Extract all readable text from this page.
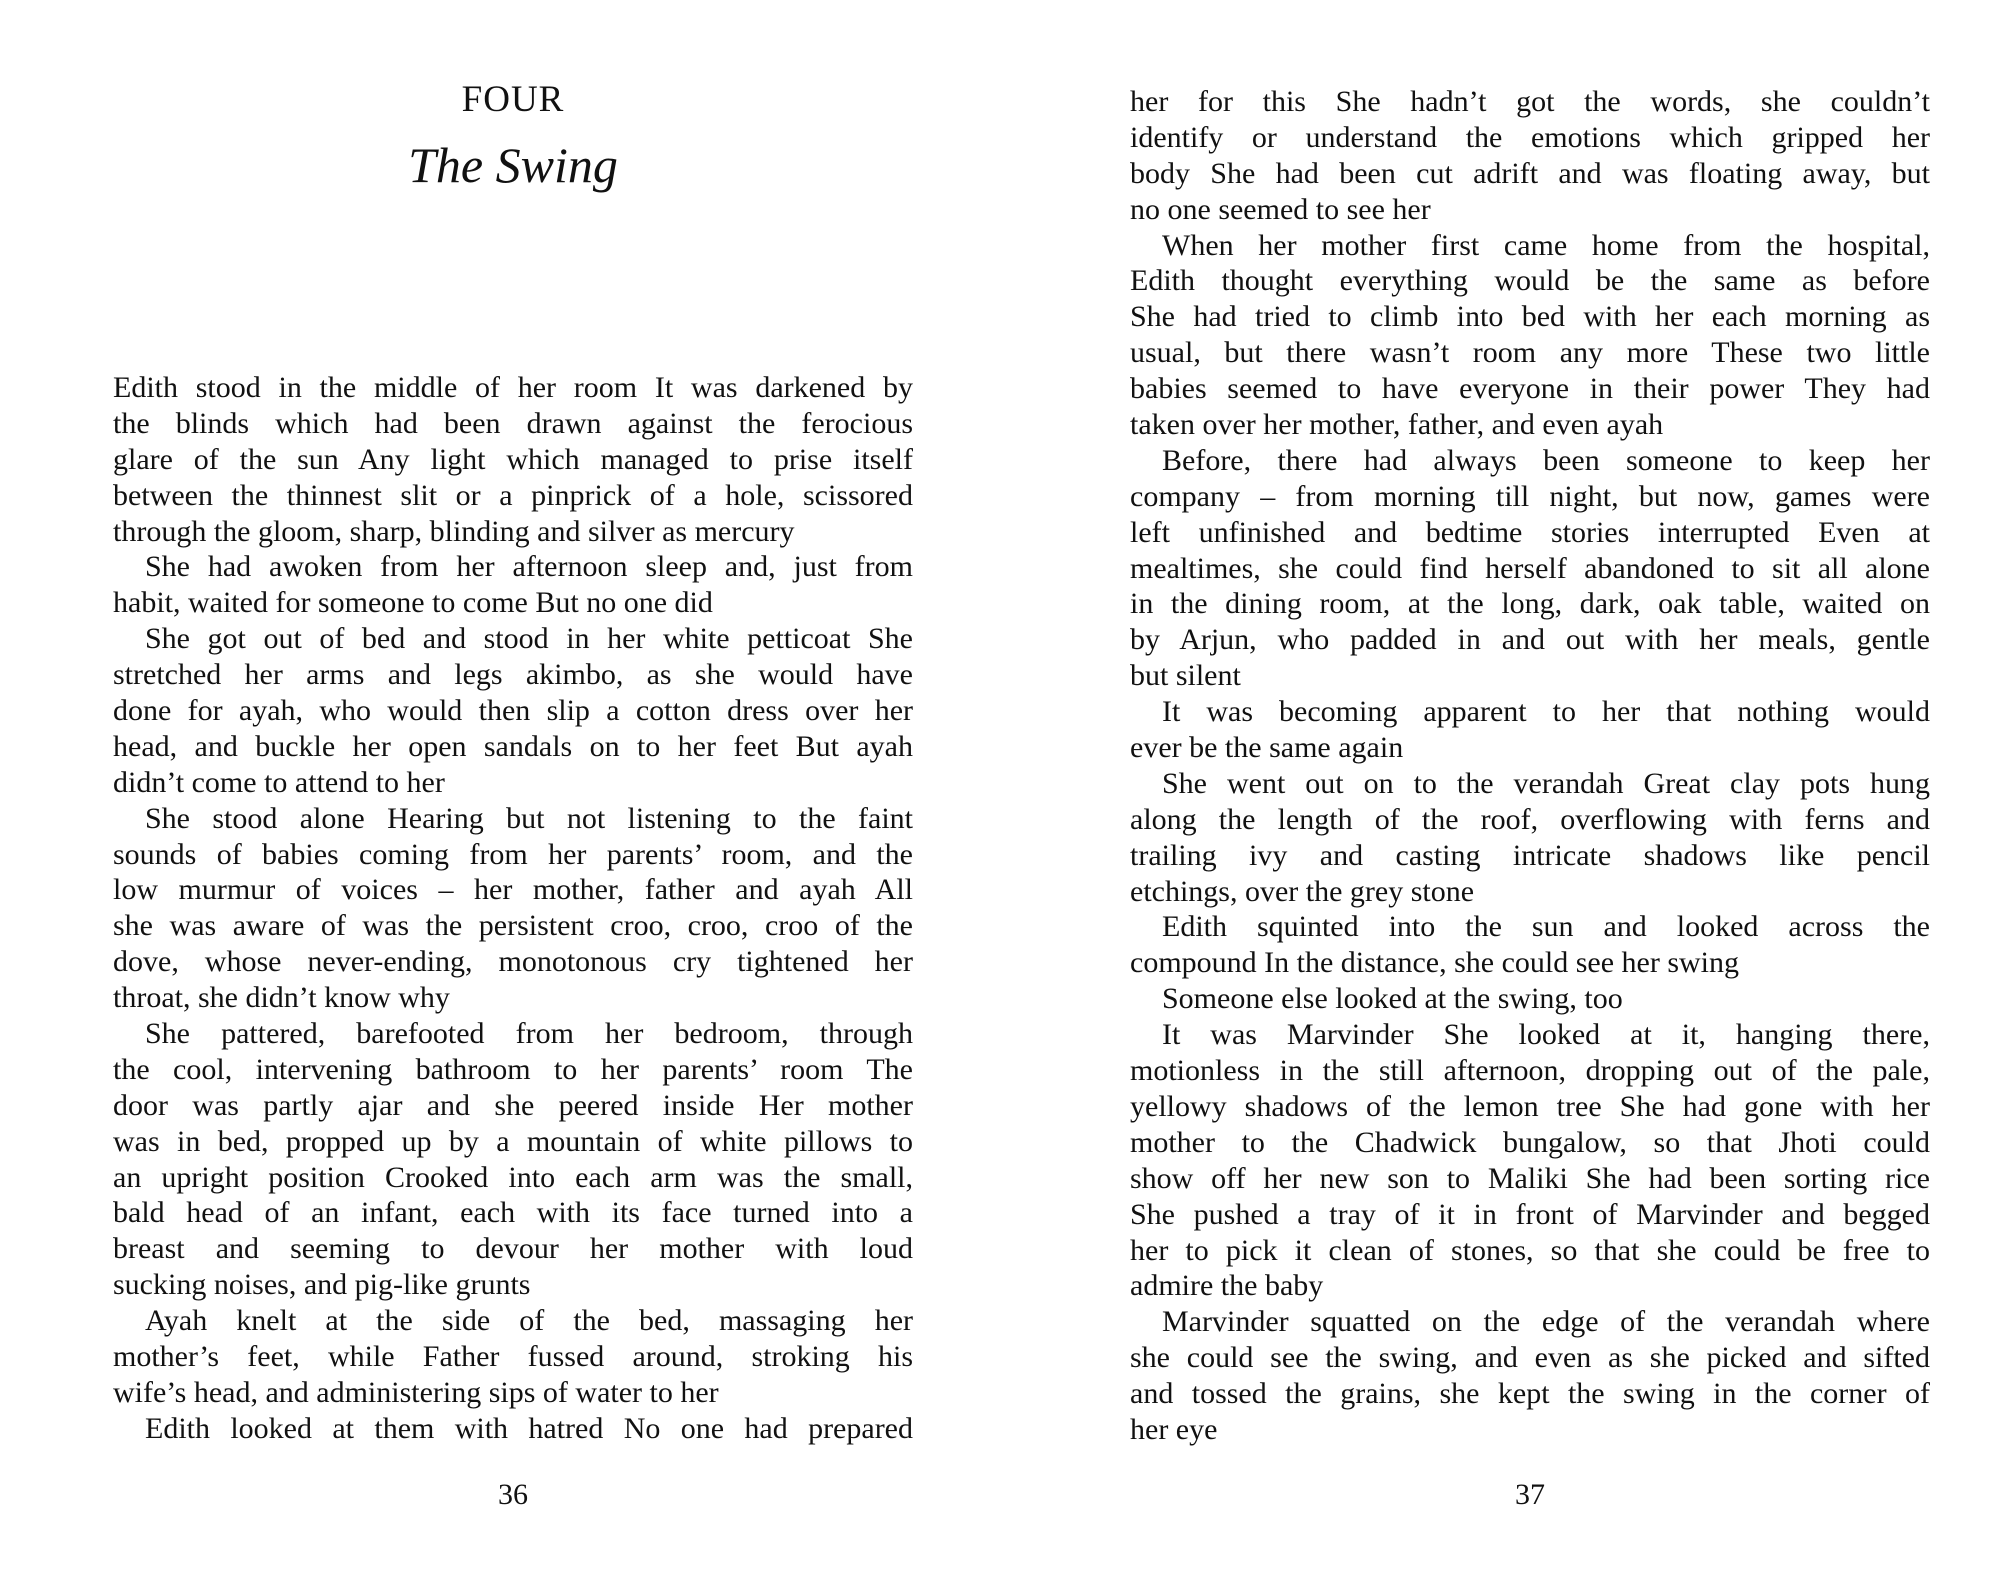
FOUR
The Swing
Edith stood in the middle of her room It was darkened by
the blinds which had been drawn against the ferocious
glare of the sun Any light which managed to prise itself
between the thinnest slit or a pinprick of a hole, scissored
through the gloom, sharp, blinding and silver as mercury
She had awoken from her afternoon sleep and, just from
habit, waited for someone to come But no one did
She got out of bed and stood in her white petticoat She
stretched her arms and legs akimbo, as she would have
done for ayah, who would then slip a cotton dress over her
head, and buckle her open sandals on to her feet But ayah
didn’t come to attend to her
She stood alone Hearing but not listening to the faint
sounds of babies coming from her parents’ room, and the
low murmur of voices – her mother, father and ayah All
she was aware of was the persistent croo, croo, croo of the
dove, whose never-ending, monotonous cry tightened her
throat, she didn’t know why
She pattered, barefooted from her bedroom, through
the cool, intervening bathroom to her parents’ room The
door was partly ajar and she peered inside Her mother
was in bed, propped up by a mountain of white pillows to
an upright position Crooked into each arm was the small,
bald head of an infant, each with its face turned into a
breast and seeming to devour her mother with loud
sucking noises, and pig-like grunts
Ayah knelt at the side of the bed, massaging her
mother’s feet, while Father fussed around, stroking his
wife’s head, and administering sips of water to her
Edith looked at them with hatred No one had prepared
36
her for this She hadn’t got the words, she couldn’t
identify or understand the emotions which gripped her
body She had been cut adrift and was floating away, but
no one seemed to see her
When her mother first came home from the hospital,
Edith thought everything would be the same as before
She had tried to climb into bed with her each morning as
usual, but there wasn’t room any more These two little
babies seemed to have everyone in their power They had
taken over her mother, father, and even ayah
Before, there had always been someone to keep her
company – from morning till night, but now, games were
left unfinished and bedtime stories interrupted Even at
mealtimes, she could find herself abandoned to sit all alone
in the dining room, at the long, dark, oak table, waited on
by Arjun, who padded in and out with her meals, gentle
but silent
It was becoming apparent to her that nothing would
ever be the same again
She went out on to the verandah Great clay pots hung
along the length of the roof, overflowing with ferns and
trailing ivy and casting intricate shadows like pencil
etchings, over the grey stone
Edith squinted into the sun and looked across the
compound In the distance, she could see her swing
Someone else looked at the swing, too
It was Marvinder She looked at it, hanging there,
motionless in the still afternoon, dropping out of the pale,
yellowy shadows of the lemon tree She had gone with her
mother to the Chadwick bungalow, so that Jhoti could
show off her new son to Maliki She had been sorting rice
She pushed a tray of it in front of Marvinder and begged
her to pick it clean of stones, so that she could be free to
admire the baby
Marvinder squatted on the edge of the verandah where
she could see the swing, and even as she picked and sifted
and tossed the grains, she kept the swing in the corner of
her eye
37
